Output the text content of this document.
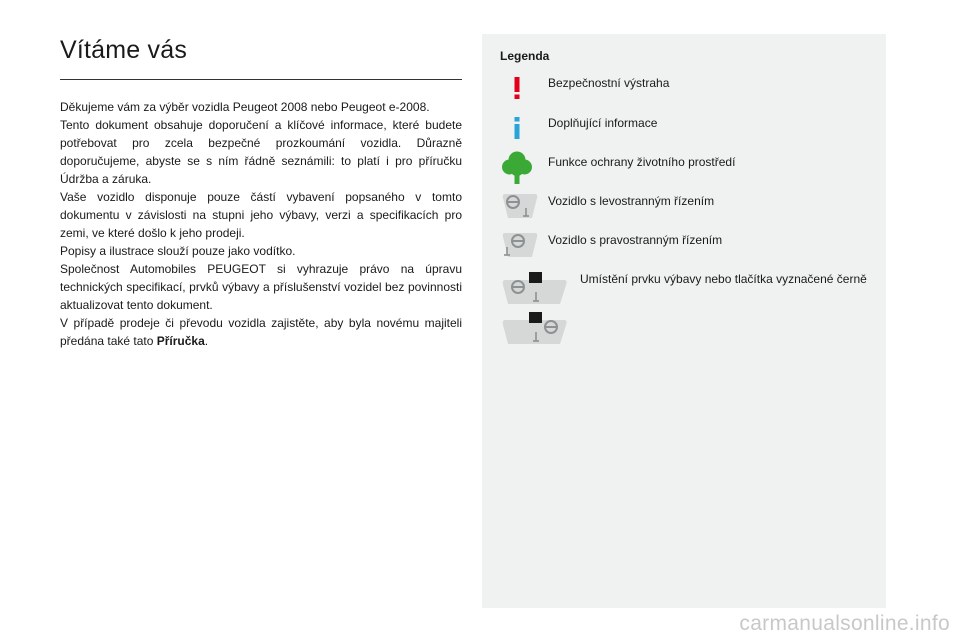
Vítáme vás

Děkujeme vám za výběr vozidla Peugeot 2008 nebo Peugeot e-2008.

Tento dokument obsahuje doporučení a klíčové informace, které budete potřebovat pro zcela bezpečné prozkoumání vozidla. Důrazně doporučujeme, abyste se s ním řádně seznámili: to platí i pro příručku Údržba a záruka.

Vaše vozidlo disponuje pouze částí vybavení popsaného v tomto dokumentu v závislosti na stupni jeho výbavy, verzi a specifikacích pro zemi, ve které došlo k jeho prodeji.

Popisy a ilustrace slouží pouze jako vodítko.

Společnost Automobiles PEUGEOT si vyhrazuje právo na úpravu technických specifikací, prvků výbavy a příslušenství vozidel bez povinnosti aktualizovat tento dokument.

V případě prodeje či převodu vozidla zajistěte, aby byla novému majiteli předána také tato Příručka.

Legenda
Bezpečnostní výstraha
Doplňující informace
Funkce ochrany životního prostředí
Vozidlo s levostranným řízením
Vozidlo s pravostranným řízením
Umístění prvku výbavy nebo tlačítka vyznačené černě
carmanualsonline.info
